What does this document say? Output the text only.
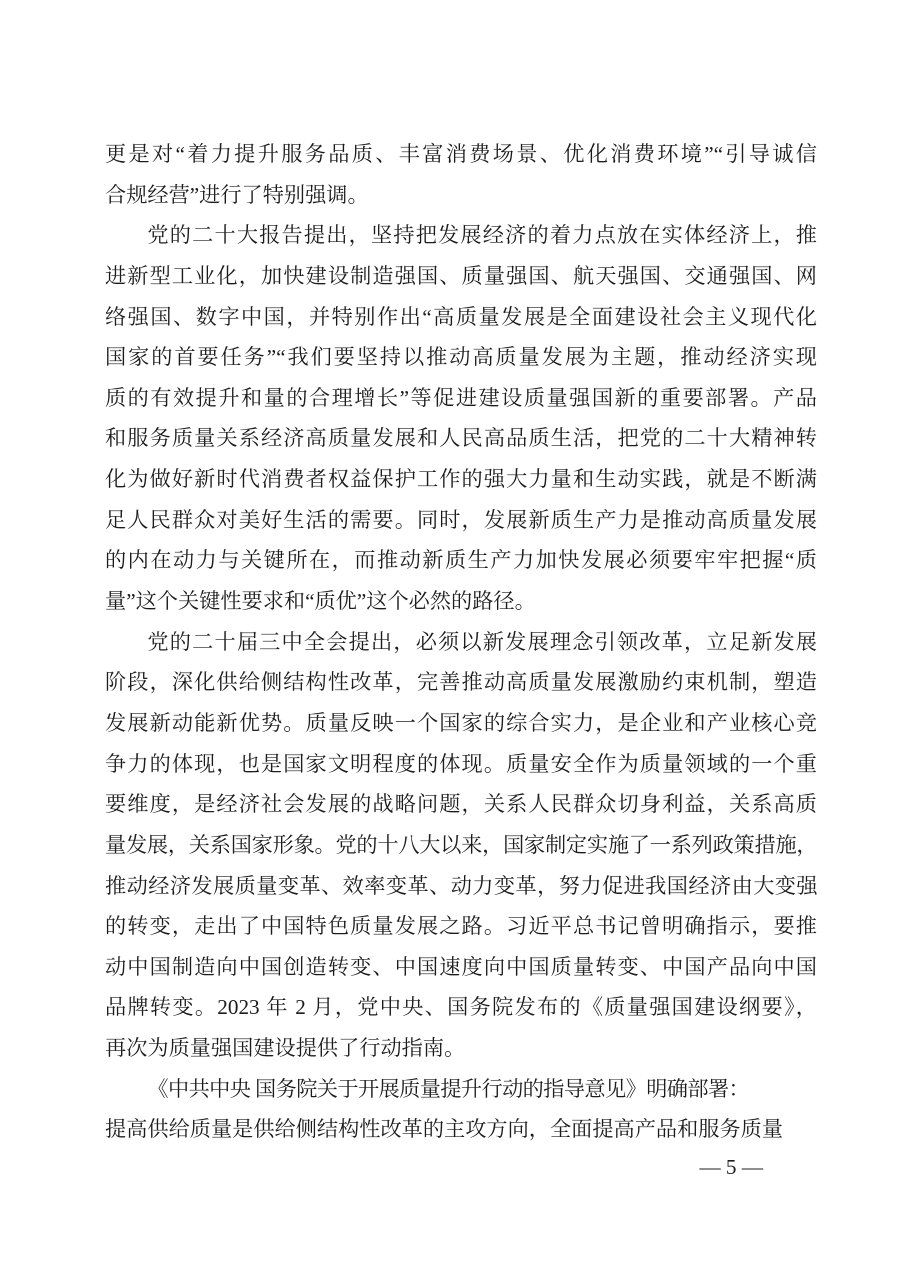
更是对“着力提升服务品质、丰富消费场景、优化消费环境”“引导诚信
合规经营”进行了特别强调。
党的二十大报告提出，坚持把发展经济的着力点放在实体经济上，推
进新型工业化，加快建设制造强国、质量强国、航天强国、交通强国、网
络强国、数字中国，并特别作出“高质量发展是全面建设社会主义现代化
国家的首要任务”“我们要坚持以推动高质量发展为主题，推动经济实现
质的有效提升和量的合理增长”等促进建设质量强国新的重要部署。产品
和服务质量关系经济高质量发展和人民高品质生活，把党的二十大精神转
化为做好新时代消费者权益保护工作的强大力量和生动实践，就是不断满
足人民群众对美好生活的需要。同时，发展新质生产力是推动高质量发展
的内在动力与关键所在，而推动新质生产力加快发展必须要牢牢把握“质
量”这个关键性要求和“质优”这个必然的路径。
党的二十届三中全会提出，必须以新发展理念引领改革，立足新发展
阶段，深化供给侧结构性改革，完善推动高质量发展激励约束机制，塑造
发展新动能新优势。质量反映一个国家的综合实力，是企业和产业核心竞
争力的体现，也是国家文明程度的体现。质量安全作为质量领域的一个重
要维度，是经济社会发展的战略问题，关系人民群众切身利益，关系高质
量发展，关系国家形象。党的十八大以来，国家制定实施了一系列政策措施，
推动经济发展质量变革、效率变革、动力变革，努力促进我国经济由大变强
的转变，走出了中国特色质量发展之路。习近平总书记曾明确指示，要推
动中国制造向中国创造转变、中国速度向中国质量转变、中国产品向中国
品牌转变。2023 年 2 月，党中央、国务院发布的《质量强国建设纲要》，
再次为质量强国建设提供了行动指南。
《中共中央 国务院关于开展质量提升行动的指导意见》明确部署：
提高供给质量是供给侧结构性改革的主攻方向，全面提高产品和服务质量
— 5 —
